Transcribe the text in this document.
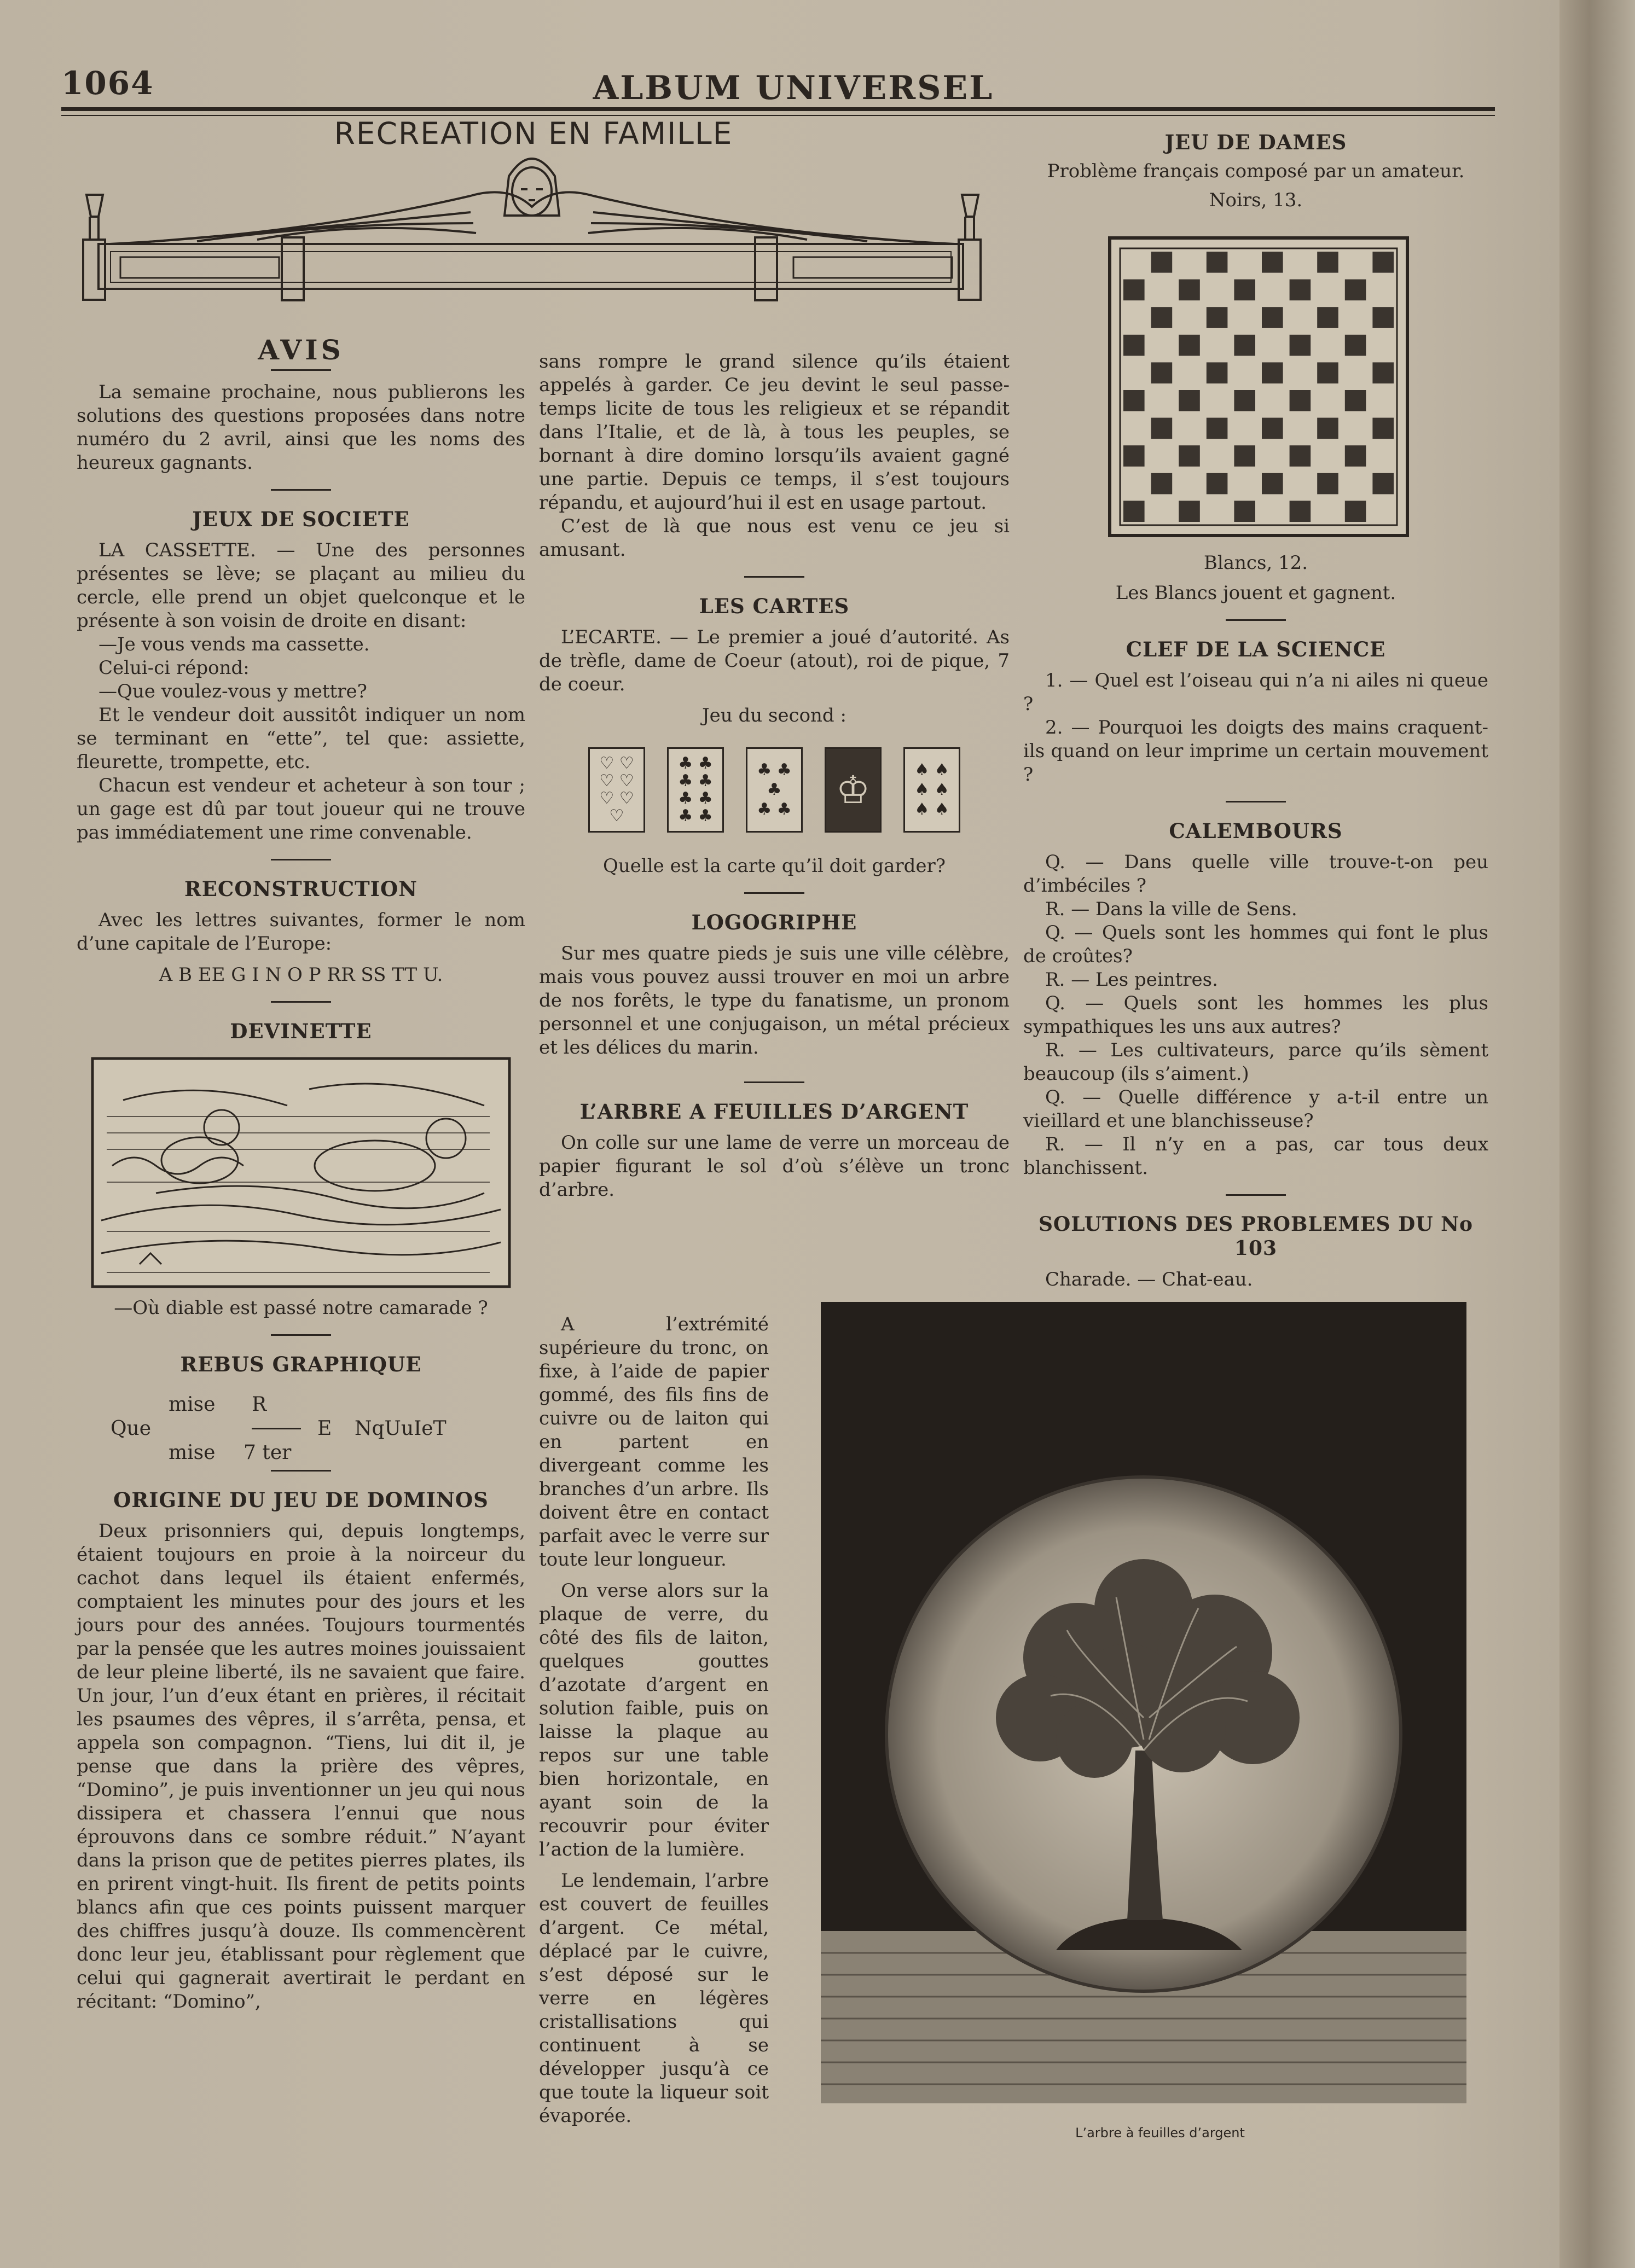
1064	ALBUM UNIVERSEL
RECREATION EN FAMILLE
AVIS

La semaine prochaine, nous publierons les solutions des questions proposées dans notre numéro du 2 avril, ainsi que les noms des heureux gagnants.

JEUX DE SOCIETE

LA CASSETTE. — Une des personnes présentes se lève; se plaçant au milieu du cercle, elle prend un objet quelconque et le présente à son voisin de droite en disant:

—Je vous vends ma cassette.

Celui-ci répond:

—Que voulez-vous y mettre?

Et le vendeur doit aussitôt indiquer un nom se terminant en “ette”, tel que: assiette, fleurette, trompette, etc.

Chacun est vendeur et acheteur à son tour ; un gage est dû par tout joueur qui ne trouve pas immédiatement une rime convenable.

RECONSTRUCTION

Avec les lettres suivantes, former le nom d’une capitale de l’Europe:

A B EE G I N O P RR SS TT U.

DEVINETTE

—Où diable est passé notre camarade ?

REBUS GRAPHIQUE
mise R
Que	E NqUuIeT
mise 7 ter
ORIGINE DU JEU DE DOMINOS

Deux prisonniers qui, depuis longtemps, étaient toujours en proie à la noirceur du cachot dans lequel ils étaient enfermés, comptaient les minutes pour des jours et les jours pour des années. Toujours tourmentés par la pensée que les autres moines jouissaient de leur pleine liberté, ils ne savaient que faire. Un jour, l’un d’eux étant en prières, il récitait les psaumes des vêpres, il s’arrêta, pensa, et appela son compagnon. “Tiens, lui dit il, je pense que dans la prière des vêpres, “Domino”, je puis inventionner un jeu qui nous dissipera et chassera l’ennui que nous éprouvons dans ce sombre réduit.” N’ayant dans la prison que de petites pierres plates, ils en prirent vingt-huit. Ils firent de petits points blancs afin que ces points puissent marquer des chiffres jusqu’à douze. Ils commencèrent donc leur jeu, établissant pour règlement que celui qui gagnerait avertirait le perdant en récitant: “Domino”,

sans rompre le grand silence qu’ils étaient appelés à garder. Ce jeu devint le seul passe-temps licite de tous les religieux et se répandit dans l’Italie, et de là, à tous les peuples, se bornant à dire domino lorsqu’ils avaient gagné une partie. Depuis ce temps, il s’est toujours répandu, et aujourd’hui il est en usage partout.

C’est de là que nous est venu ce jeu si amusant.

LES CARTES

L’ECARTE. — Le premier a joué d’autorité. As de trèfle, dame de Coeur (atout), roi de pique, 7 de coeur.

Jeu du second :

♡ ♡
♡ ♡
♡ ♡
♡
♣ ♣
♣ ♣
♣ ♣
♣ ♣
♣ ♣
♣
♣ ♣ ♔	♠ ♠
♠ ♠
♠ ♠

Quelle est la carte qu’il doit garder?

LOGOGRIPHE

Sur mes quatre pieds je suis une ville célèbre, mais vous pouvez aussi trouver en moi un arbre de nos forêts, le type du fanatisme, un pronom personnel et une conjugaison, un métal précieux et les délices du marin.

L’ARBRE A FEUILLES D’ARGENT

On colle sur une lame de verre un morceau de papier figurant le sol d’où s’élève un tronc d’arbre.

A l’extrémité supérieure du tronc, on fixe, à l’aide de papier gommé, des fils fins de cuivre ou de laiton qui en partent en divergeant comme les branches d’un arbre. Ils doivent être en contact parfait avec le verre sur toute leur longueur.

On verse alors sur la plaque de verre, du côté des fils de laiton, quelques gouttes d’azotate d’argent en solution faible, puis on laisse la plaque au repos sur une table bien horizontale, en ayant soin de la recouvrir pour éviter l’action de la lumière.

Le lendemain, l’arbre est couvert de feuilles d’argent. Ce métal, déplacé par le cuivre, s’est déposé sur le verre en légères cristallisations qui continuent à se développer jusqu’à ce que toute la liqueur soit évaporée.

JEU DE DAMES

Problème français composé par un amateur.

Noirs, 13.

Blancs, 12.

Les Blancs jouent et gagnent.

CLEF DE LA SCIENCE

1. — Quel est l’oiseau qui n’a ni ailes ni queue ?

2. — Pourquoi les doigts des mains craquent-ils quand on leur imprime un certain mouvement ?

CALEMBOURS

Q. — Dans quelle ville trouve-t-on peu d’imbéciles ?

R. — Dans la ville de Sens.

Q. — Quels sont les hommes qui font le plus de croûtes?

R. — Les peintres.

Q. — Quels sont les hommes les plus sympathiques les uns aux autres?

R. — Les cultivateurs, parce qu’ils sèment beaucoup (ils s’aiment.)

Q. — Quelle différence y a-t-il entre un vieillard et une blanchisseuse?

R. — Il n’y en a pas, car tous deux blanchissent.

SOLUTIONS DES PROBLEMES DU No 103

Charade. — Chat-eau.

L’arbre à feuilles d’argent
